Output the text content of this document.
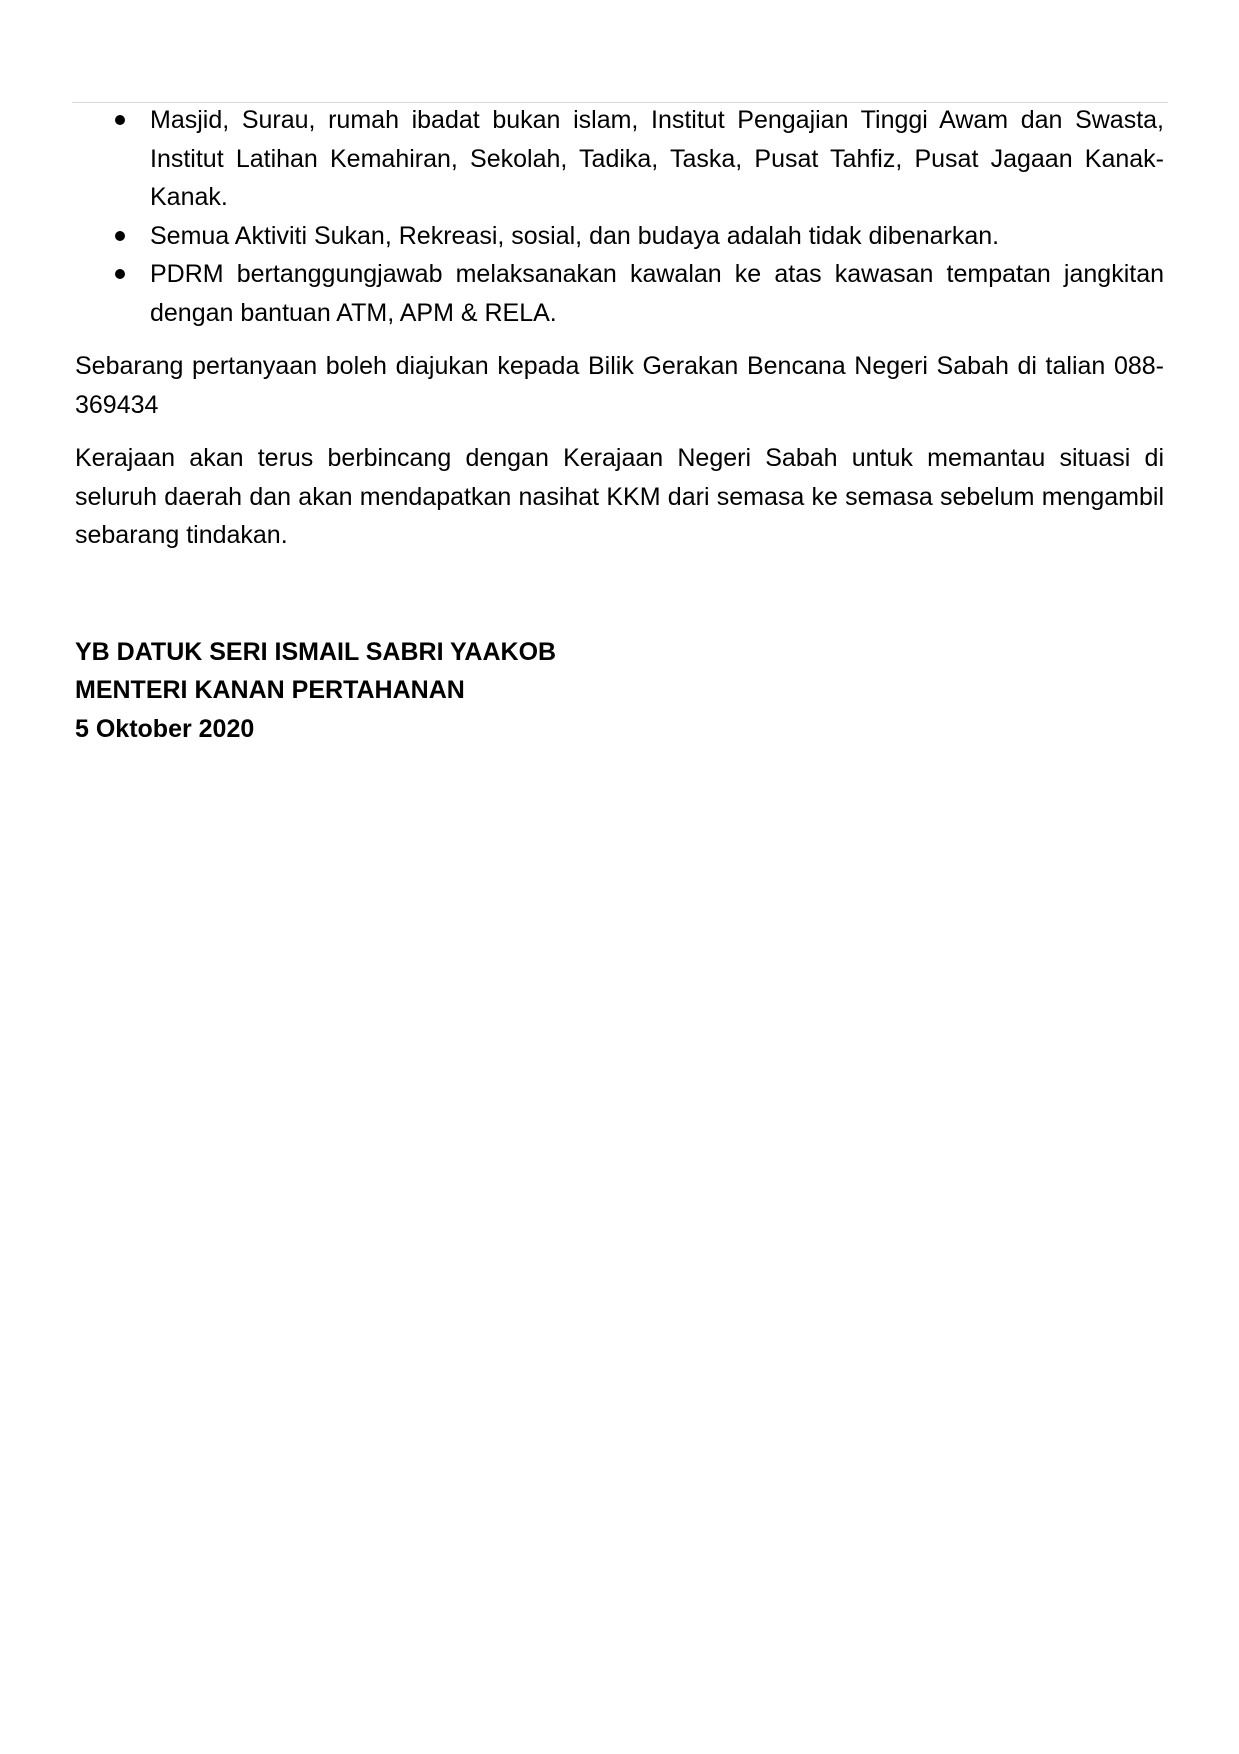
Masjid, Surau, rumah ibadat bukan islam, Institut Pengajian Tinggi Awam dan Swasta, Institut Latihan Kemahiran, Sekolah, Tadika, Taska, Pusat Tahfiz, Pusat Jagaan Kanak-Kanak.
Semua Aktiviti Sukan, Rekreasi, sosial, dan budaya adalah tidak dibenarkan.
PDRM bertanggungjawab melaksanakan kawalan ke atas kawasan tempatan jangkitan dengan bantuan ATM, APM & RELA.

Sebarang pertanyaan boleh diajukan kepada Bilik Gerakan Bencana Negeri Sabah di talian 088-369434

Kerajaan akan terus berbincang dengan Kerajaan Negeri Sabah untuk memantau situasi di seluruh daerah dan akan mendapatkan nasihat KKM dari semasa ke semasa sebelum mengambil sebarang tindakan.

YB DATUK SERI ISMAIL SABRI YAAKOB
MENTERI KANAN PERTAHANAN
5 Oktober 2020
